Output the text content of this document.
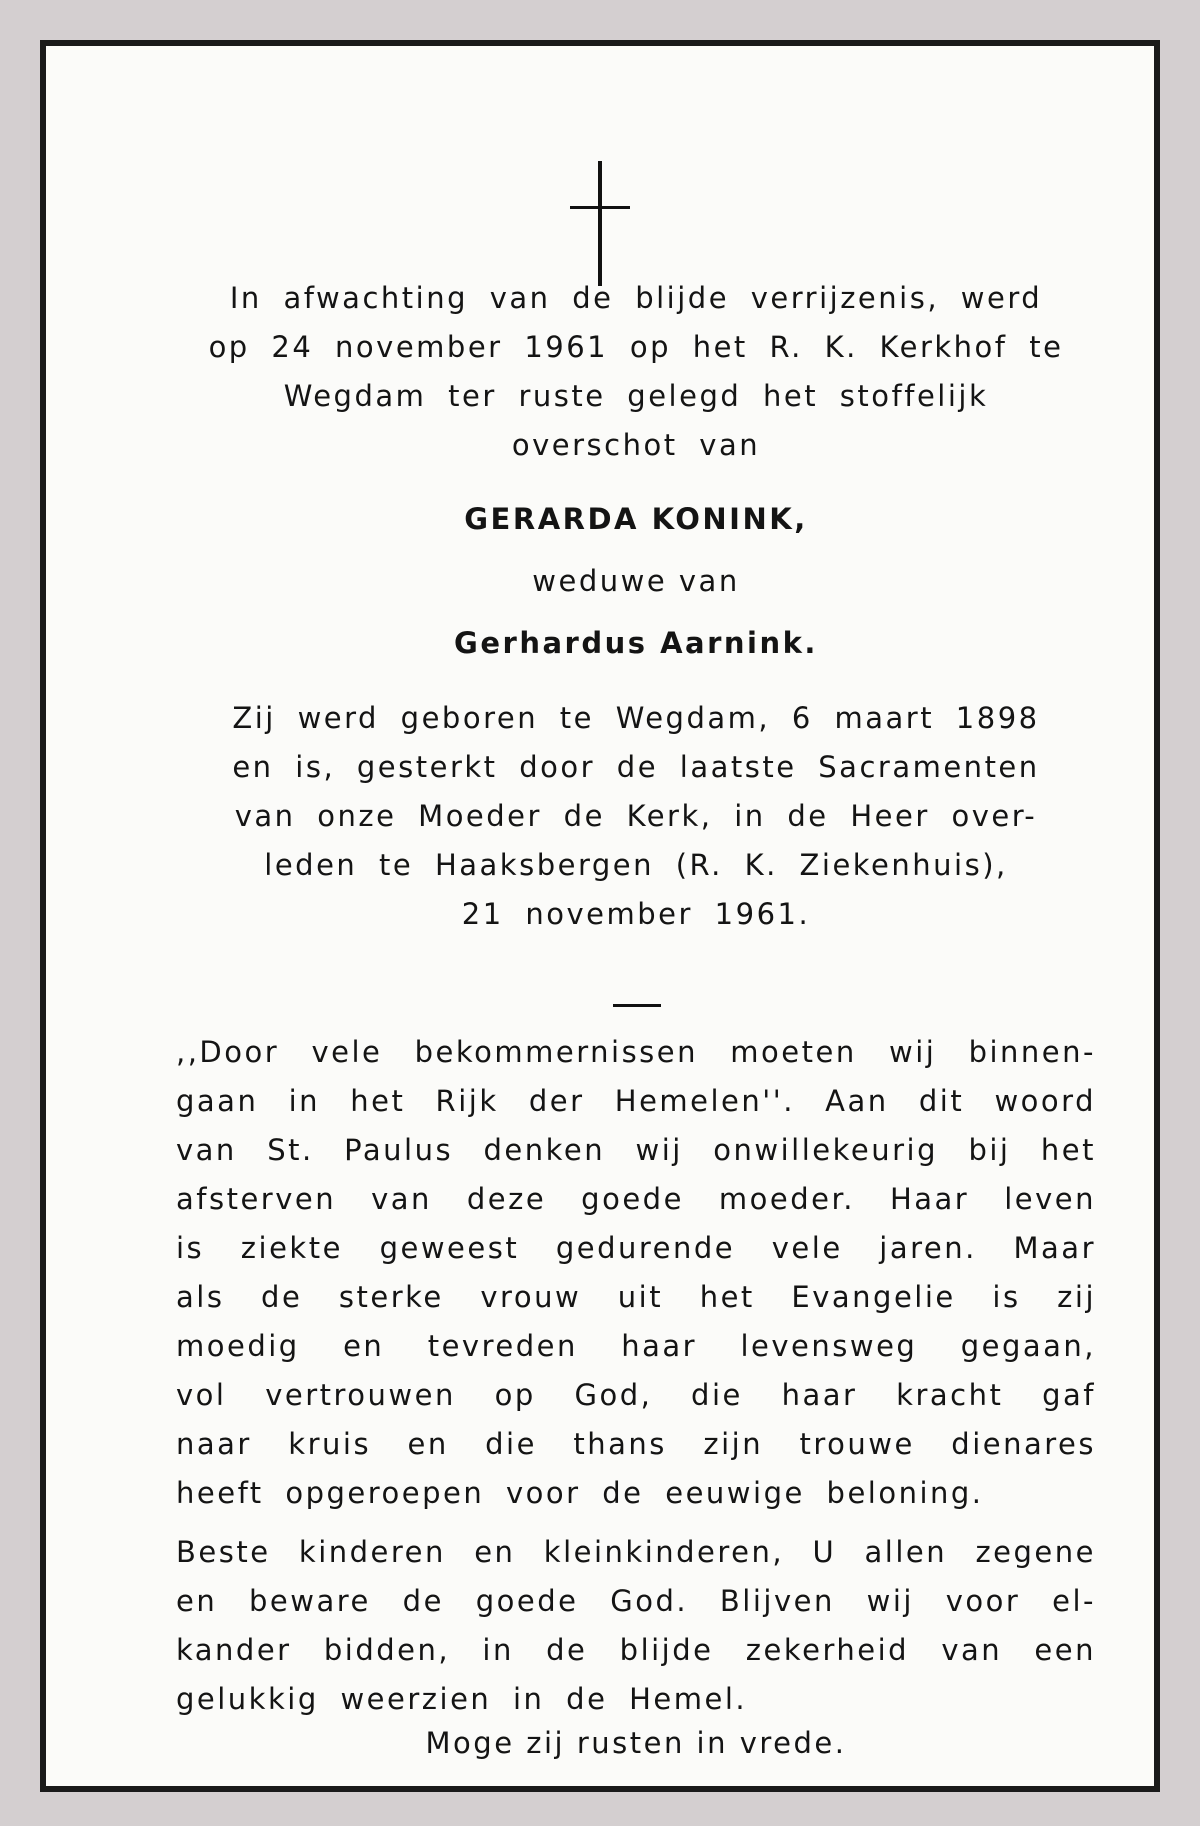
In afwachting van de blijde verrijzenis, werd
op 24 november 1961 op het R. K. Kerkhof te
Wegdam ter ruste gelegd het stoffelijk
overschot van
GERARDA KONINK,
weduwe van
Gerhardus Aarnink.
Zij werd geboren te Wegdam, 6 maart 1898
en is, gesterkt door de laatste Sacramenten
van onze Moeder de Kerk, in de Heer over-
leden te Haaksbergen (R. K. Ziekenhuis),
21 november 1961.
,,Door vele bekommernissen moeten wij binnen-
gaan in het Rijk der Hemelen''. Aan dit woord
van St. Paulus denken wij onwillekeurig bij het
afsterven van deze goede moeder. Haar leven
is ziekte geweest gedurende vele jaren. Maar
als de sterke vrouw uit het Evangelie is zij
moedig en tevreden haar levensweg gegaan,
vol vertrouwen op God, die haar kracht gaf
naar kruis en die thans zijn trouwe dienares
heeft opgeroepen voor de eeuwige beloning.
Beste kinderen en kleinkinderen, U allen zegene
en beware de goede God. Blijven wij voor el-
kander bidden, in de blijde zekerheid van een
gelukkig weerzien in de Hemel.
Moge zij rusten in vrede.
